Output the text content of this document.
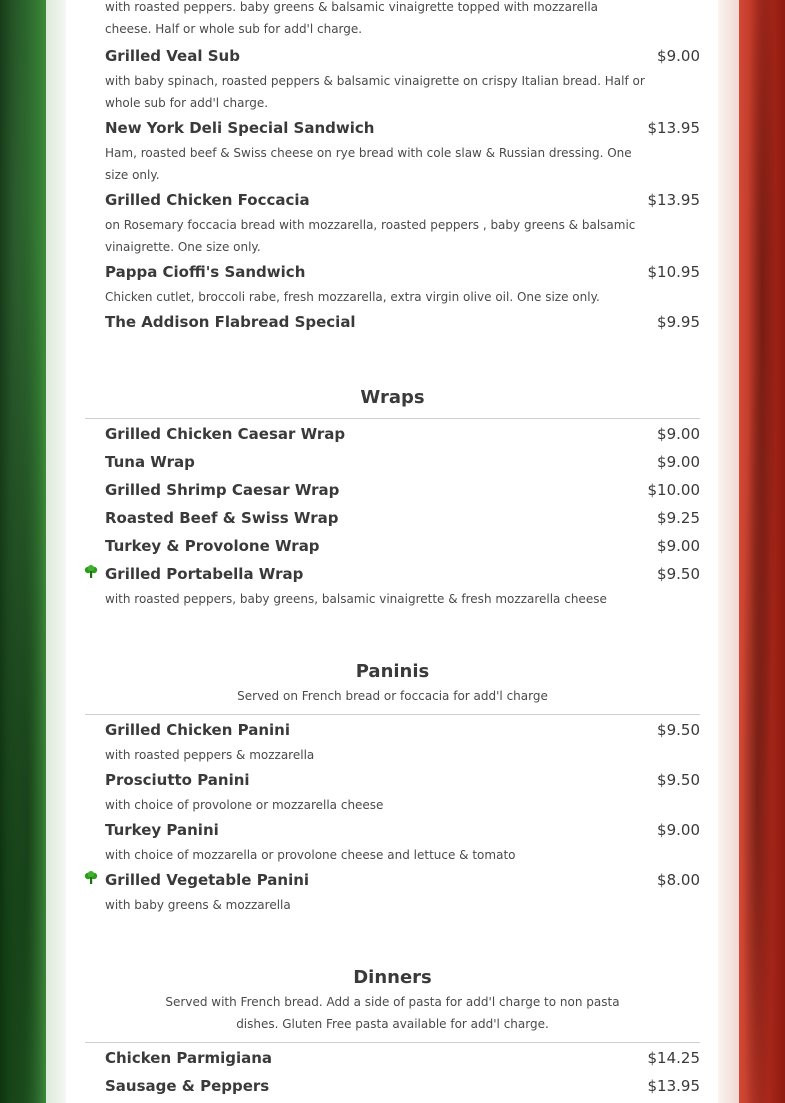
with roasted peppers. baby greens & balsamic vinaigrette topped with mozzarella cheese. Half or whole sub for add'l charge.
Grilled Veal Sub	$9.00
with baby spinach, roasted peppers & balsamic vinaigrette on crispy Italian bread. Half or whole sub for add'l charge.
New York Deli Special Sandwich	$13.95
Ham, roasted beef & Swiss cheese on rye bread with cole slaw & Russian dressing. One size only.
Grilled Chicken Foccacia	$13.95
on Rosemary foccacia bread with mozzarella, roasted peppers , baby greens & balsamic vinaigrette. One size only.
Pappa Cioffi's Sandwich	$10.95
Chicken cutlet, broccoli rabe, fresh mozzarella, extra virgin olive oil. One size only.
The Addison Flabread Special	$9.95
Wraps
Grilled Chicken Caesar Wrap	$9.00
Tuna Wrap	$9.00
Grilled Shrimp Caesar Wrap	$10.00
Roasted Beef & Swiss Wrap	$9.25
Turkey & Provolone Wrap	$9.00
Grilled Portabella Wrap	$9.50
with roasted peppers, baby greens, balsamic vinaigrette & fresh mozzarella cheese
Paninis
Served on French bread or foccacia for add'l charge
Grilled Chicken Panini	$9.50
with roasted peppers & mozzarella
Prosciutto Panini	$9.50
with choice of provolone or mozzarella cheese
Turkey Panini	$9.00
with choice of mozzarella or provolone cheese and lettuce & tomato
Grilled Vegetable Panini	$8.00
with baby greens & mozzarella
Dinners
Served with French bread. Add a side of pasta for add'l charge to non pasta dishes. Gluten Free pasta available for add'l charge.
Chicken Parmigiana	$14.25
Sausage & Peppers	$13.95
